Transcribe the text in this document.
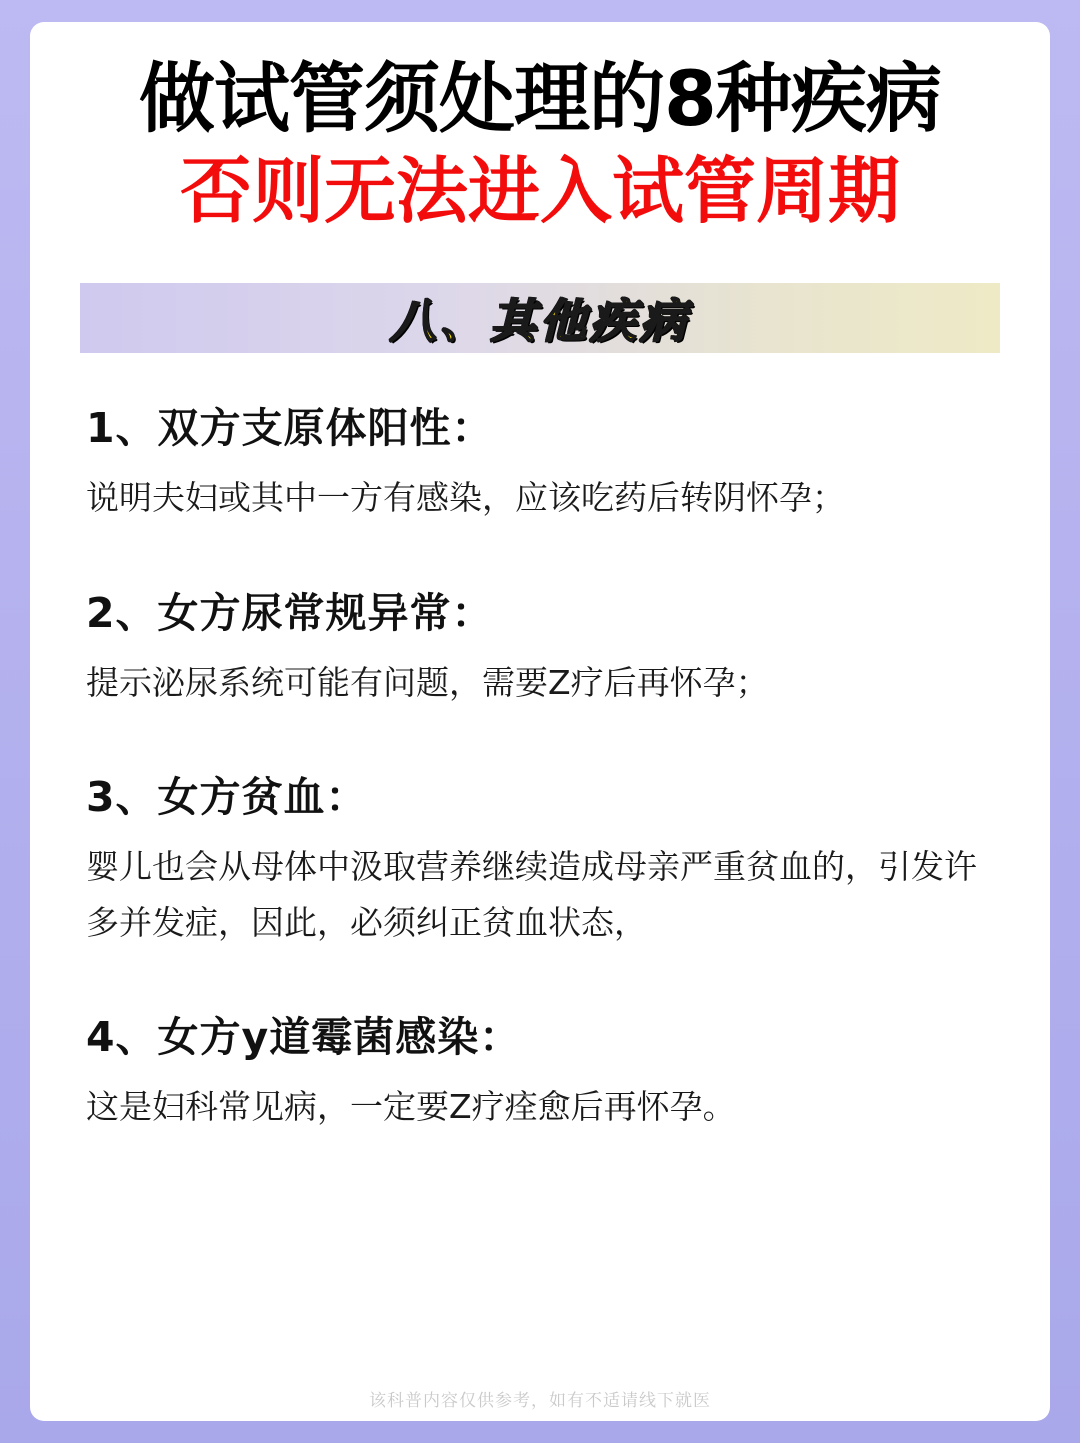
做试管须处理的8种疾病
否则无法进入试管周期
八、其他疾病
1、双方支原体阳性：
说明夫妇或其中一方有感染，应该吃药后转阴怀孕；
2、女方尿常规异常：
提示泌尿系统可能有问题，需要Z疗后再怀孕；
3、女方贫血：
婴儿也会从母体中汲取营养继续造成母亲严重贫血的，引发许多并发症，因此，必须纠正贫血状态，
4、女方y道霉菌感染：
这是妇科常见病，一定要Z疗痊愈后再怀孕。
该科普内容仅供参考，如有不适请线下就医
